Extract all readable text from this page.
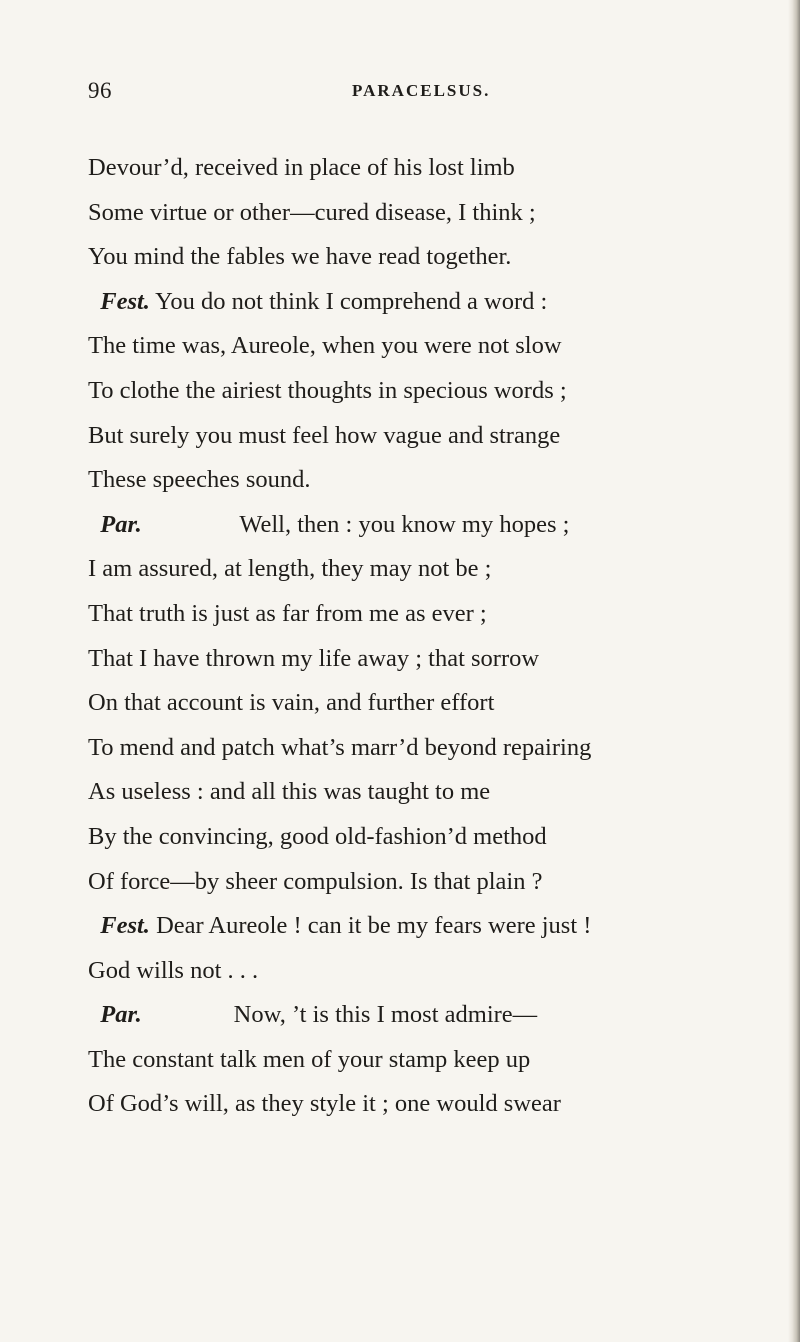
96	PARACELSUS.
Devour’d, received in place of his lost limb
Some virtue or other—cured disease, I think ;
You mind the fables we have read together.
Fest. You do not think I comprehend a word :
The time was, Aureole, when you were not slow
To clothe the airiest thoughts in specious words ;
But surely you must feel how vague and strange
These speeches sound.
Par.                Well, then : you know my hopes ;
I am assured, at length, they may not be ;
That truth is just as far from me as ever ;
That I have thrown my life away ; that sorrow
On that account is vain, and further effort
To mend and patch what’s marr’d beyond repairing
As useless : and all this was taught to me
By the convincing, good old-fashion’d method
Of force—by sheer compulsion. Is that plain ?
Fest. Dear Aureole ! can it be my fears were just !
God wills not . . .
Par.               Now, ’t is this I most admire—
The constant talk men of your stamp keep up
Of God’s will, as they style it ; one would swear
